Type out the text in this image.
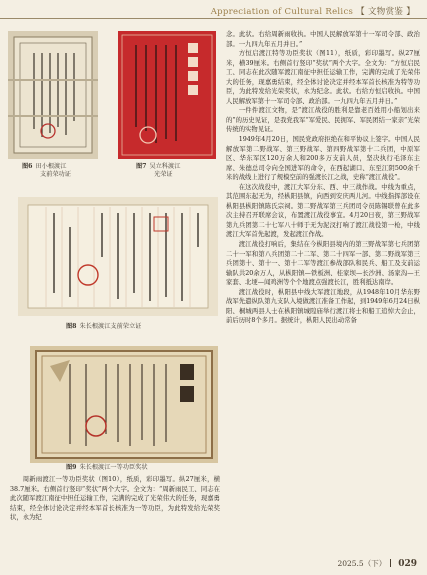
Appreciation of Cultural Relics 【 文物赏鉴 】
图6 田小根渡江
支前荣功证
图7 吴立科渡江
光荣证
图8 朱长根渡江支前荣立证
图9 朱长根渡江一等功臣奖状

周新雨渡江一等功臣奖状（图10），纸质，彩印墨写。纵27厘米，横38.7厘米。右侧首行竖印“奖状”两个大字。全文为：“周新雨民工、同志在此次随军渡江南征中担任运输工作，完满的完成了光荣伟大的任务，现嘉勇结束，经全体讨论决定并经本军首长核准为一等功臣，为此特发给光荣奖状，永为纪

念。此状。右给周新雨收执。中国人民解放军第十一军司令部、政治部。一九四九年五月并日。”

方恒启渡江特等功臣奖状（图11），纸质，彩印墨写。纵27厘米，横39厘米。右侧首行竖印“奖状”两个大字。全文为：“方恒启民工、同志在此次随军渡江南征中担任运输工作，完满的完成了光荣伟大的任务，现嘉勇结束，经全体讨论决定并经本军首长核准为特等功臣，为此特发给光荣奖状，永为纪念。此状。右给方恒启收执。中国人民解放军第十一军司令部、政治部。一九四九年五月并日。”

一件件渡江文物，是“渡江战役的胜利是靠老百姓用小船划出来的”的历史见证，是我党我军“军爱民、民拥军、军民团结一家亲”光荣传统的实物见证。

1949年4月20日，国民党政府拒绝在和平协议上签字。中国人民解放军第二野战军、第三野战军、第四野战军第十二兵团，中原军区、华东军区120万余人和200多万支前人员，坚决执行毛泽东主席、朱德总司令向全国进军的命令，在西起湖口、东至江阴500余千米的战线上进行了规模空前的强渡长江之战，史称“渡江战役”。

在这次战役中，渡江大军分东、西、中三战作战。中线为重点，其范围东起无为，经枞阳县镇，向西到安庆两儿河。中线指挥部设在枞阳县枞阳镇陈氏宗祠。第二野战军第三兵团司令员陈锡联曾在此多次主持召开联席会议，布置渡江战役事宜。4月20日夜，第三野战军第九兵团第二十七军八十师于无为泥汊打响了渡江战役第一枪，中线渡江大军首先起渡，发起渡江作战。

渡江战役打响后，集结在今枞阳县境内的第三野战军第七兵团第二十一军和第八兵团第二十二军、第二十四军一部、第二野战军第三兵团第十、第十一、第十二军等渡江参战部队和民兵、船工及支前运输队共20余万人，从枞阳镇—铁板洲、桂家坝—长沙洲、汤家沟—王家套、北埂—闻鸡洲等个个地渡点强渡长江，胜利抵达南岸。

渡江战役时，枞阳县中线大军渡江地段，从1948年10月华东野战军先遣纵队第九支队入境做渡江准备工作起，到1949年6月24日枞阳、桐城两县人士在枞阳镇城隍庙举行渡江将士和船工追悼大会止，前后历时8个多月。据统计，枞阳人民出动常备

2025.5（下） 029
